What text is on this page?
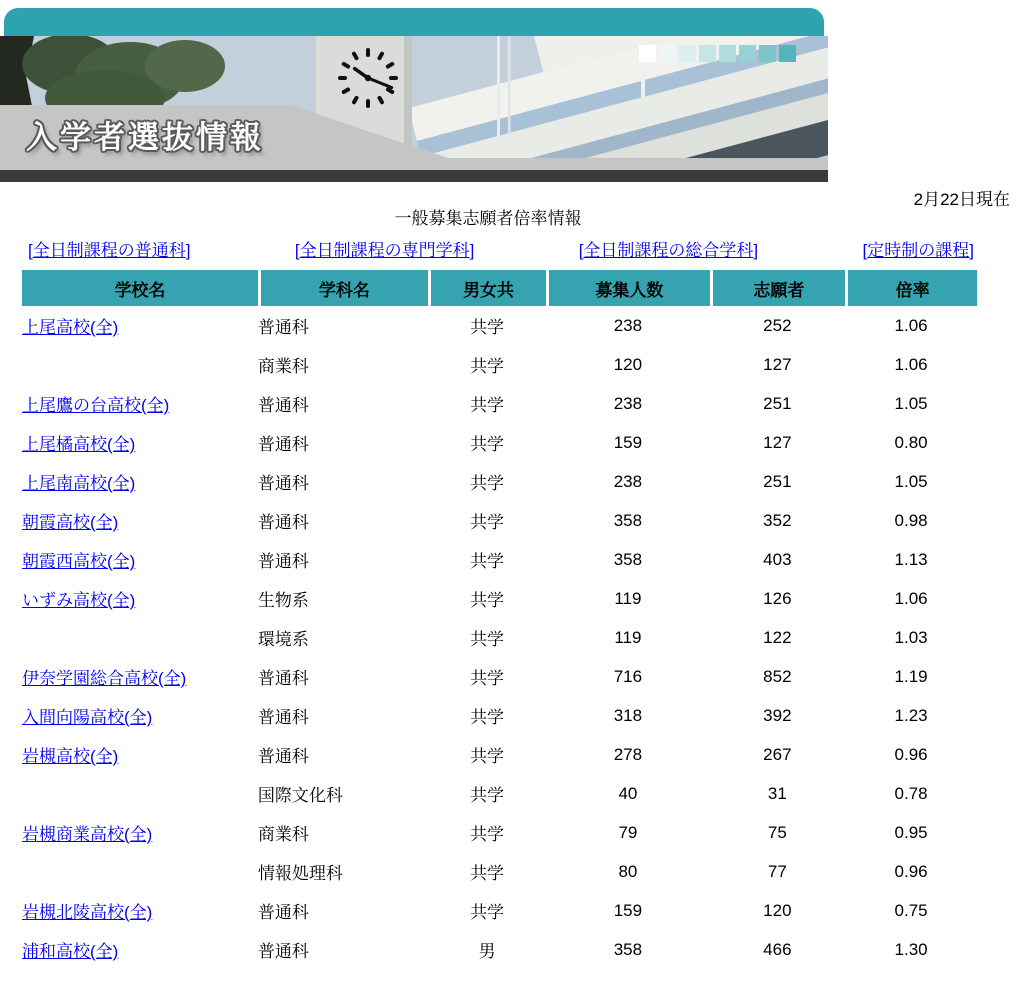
入学者選抜情報
2月22日現在
一般募集志願者倍率情報
[全日制課程の普通科]	[全日制課程の専門学科]	[全日制課程の総合学科]	[定時制の課程]
学校名	学科名	男女共	募集人数	志願者	倍率
上尾高校(全)	普通科	共学	238	252	1.06
	商業科	共学	120	127	1.06
上尾鷹の台高校(全)	普通科	共学	238	251	1.05
上尾橘高校(全)	普通科	共学	159	127	0.80
上尾南高校(全)	普通科	共学	238	251	1.05
朝霞高校(全)	普通科	共学	358	352	0.98
朝霞西高校(全)	普通科	共学	358	403	1.13
いずみ高校(全)	生物系	共学	119	126	1.06
	環境系	共学	119	122	1.03
伊奈学園総合高校(全)	普通科	共学	716	852	1.19
入間向陽高校(全)	普通科	共学	318	392	1.23
岩槻高校(全)	普通科	共学	278	267	0.96
	国際文化科	共学	40	31	0.78
岩槻商業高校(全)	商業科	共学	79	75	0.95
	情報処理科	共学	80	77	0.96
岩槻北陵高校(全)	普通科	共学	159	120	0.75
浦和高校(全)	普通科	男	358	466	1.30
